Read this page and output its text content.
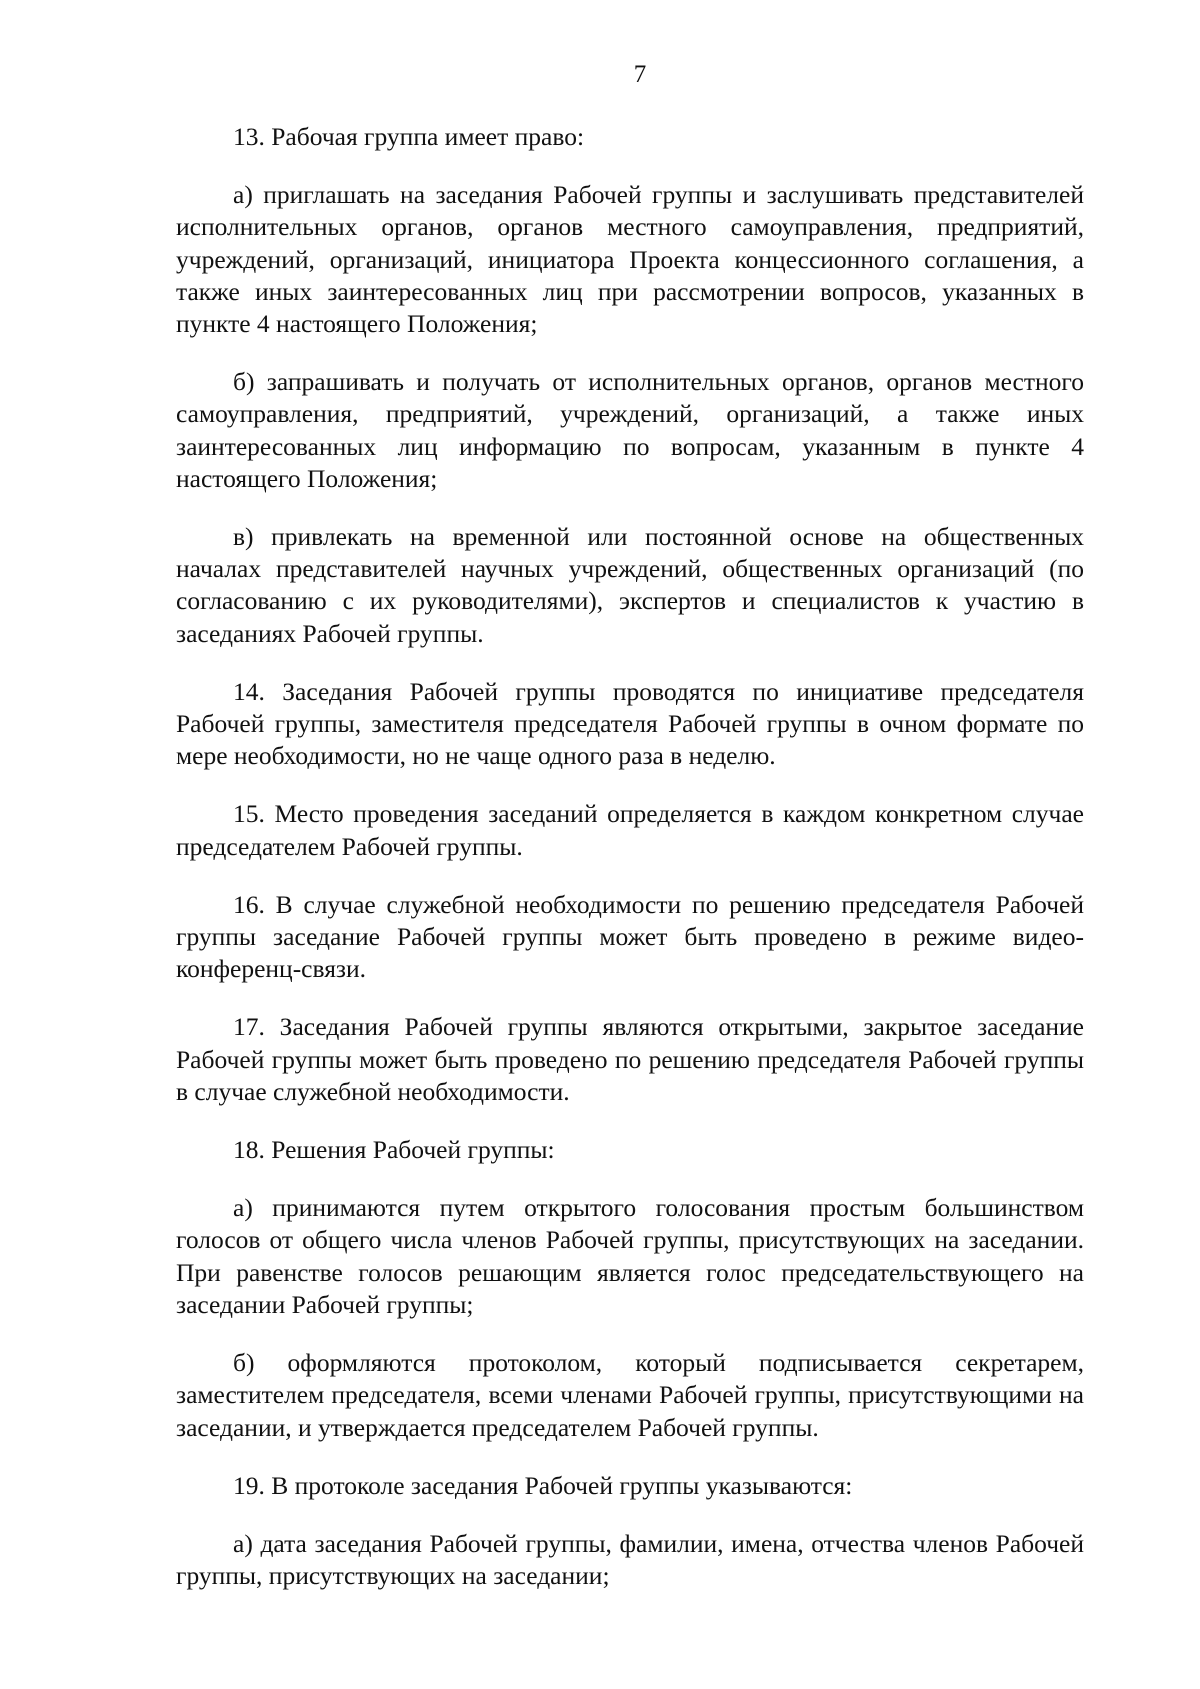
7

13. Рабочая группа имеет право:

а) приглашать на заседания Рабочей группы и заслушивать представителей исполнительных органов, органов местного самоуправления, предприятий, учреждений, организаций, инициатора Проекта концессионного соглашения, а также иных заинтересованных лиц при рассмотрении вопросов, указанных в пункте 4 настоящего Положения;

б) запрашивать и получать от исполнительных органов, органов местного самоуправления, предприятий, учреждений, организаций, а также иных заинтересованных лиц информацию по вопросам, указанным в пункте 4 настоящего Положения;

в) привлекать на временной или постоянной основе на общественных началах представителей научных учреждений, общественных организаций (по согласованию с их руководителями), экспертов и специалистов к участию в заседаниях Рабочей группы.

14. Заседания Рабочей группы проводятся по инициативе председателя Рабочей группы, заместителя председателя Рабочей группы в очном формате по мере необходимости, но не чаще одного раза в неделю.

15. Место проведения заседаний определяется в каждом конкретном случае председателем Рабочей группы.

16. В случае служебной необходимости по решению председателя Рабочей группы заседание Рабочей группы может быть проведено в режиме видео-конференц-связи.

17. Заседания Рабочей группы являются открытыми, закрытое заседание Рабочей группы может быть проведено по решению председателя Рабочей группы в случае служебной необходимости.

18. Решения Рабочей группы:

а) принимаются путем открытого голосования простым большинством голосов от общего числа членов Рабочей группы, присутствующих на заседании. При равенстве голосов решающим является голос председательствующего на заседании Рабочей группы;

б) оформляются протоколом, который подписывается секретарем, заместителем председателя, всеми членами Рабочей группы, присутствующими на заседании, и утверждается председателем Рабочей группы.

19. В протоколе заседания Рабочей группы указываются:

а) дата заседания Рабочей группы, фамилии, имена, отчества членов Рабочей группы, присутствующих на заседании;
